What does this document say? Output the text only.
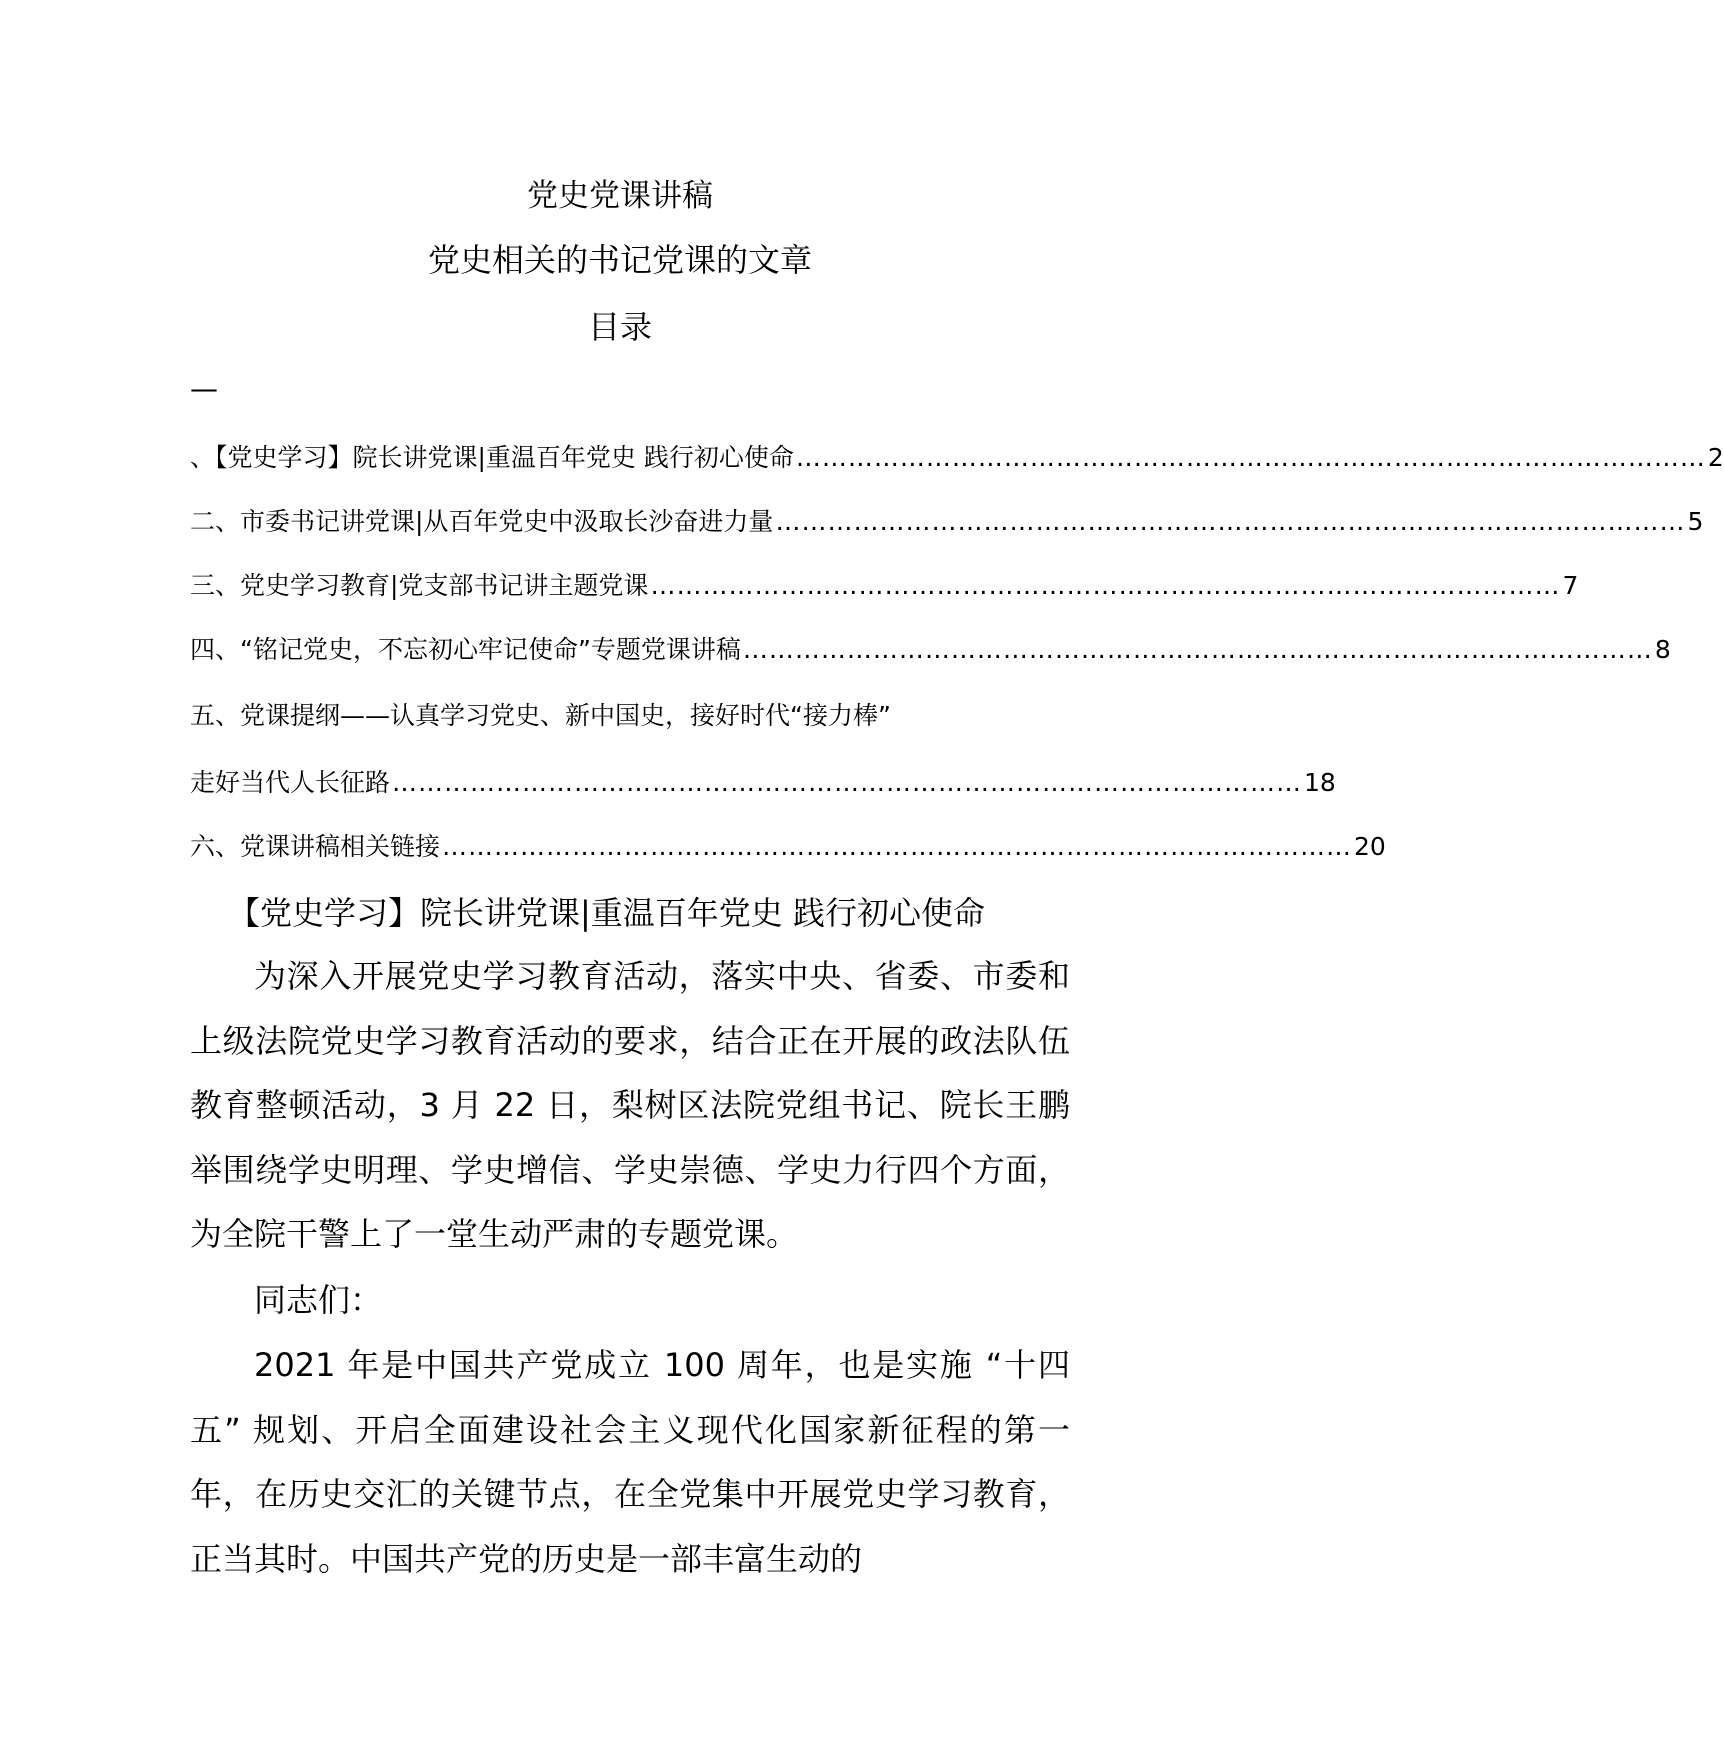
党史党课讲稿
党史相关的书记党课的文章
目录
—
、【党史学习】院长讲党课|重温百年党史 践行初心使命 …………………………………………………………………………………………… 2
二、市委书记讲党课|从百年党史中汲取长沙奋进力量 …………………………………………………………………………………………… 5
三、党史学习教育|党支部书记讲主题党课 …………………………………………………………………………………………… 7
四、“铭记党史，不忘初心牢记使命”专题党课讲稿 …………………………………………………………………………………………… 8
五、党课提纲——认真学习党史、新中国史，接好时代“接力棒”
走好当代人长征路 …………………………………………………………………………………………… 18
六、党课讲稿相关链接 …………………………………………………………………………………………… 20
【党史学习】院长讲党课|重温百年党史 践行初心使命

为深入开展党史学习教育活动，落实中央、省委、市委和上级法院党史学习教育活动的要求，结合正在开展的政法队伍教育整顿活动，3 月 22 日，梨树区法院党组书记、院长王鹏举围绕学史明理、学史增信、学史崇德、学史力行四个方面，为全院干警上了一堂生动严肃的专题党课。

同志们：

2021 年是中国共产党成立 100 周年，也是实施 “十四五” 规划、开启全面建设社会主义现代化国家新征程的第一年，在历史交汇的关键节点，在全党集中开展党史学习教育，正当其时。中国共产党的历史是一部丰富生动的
